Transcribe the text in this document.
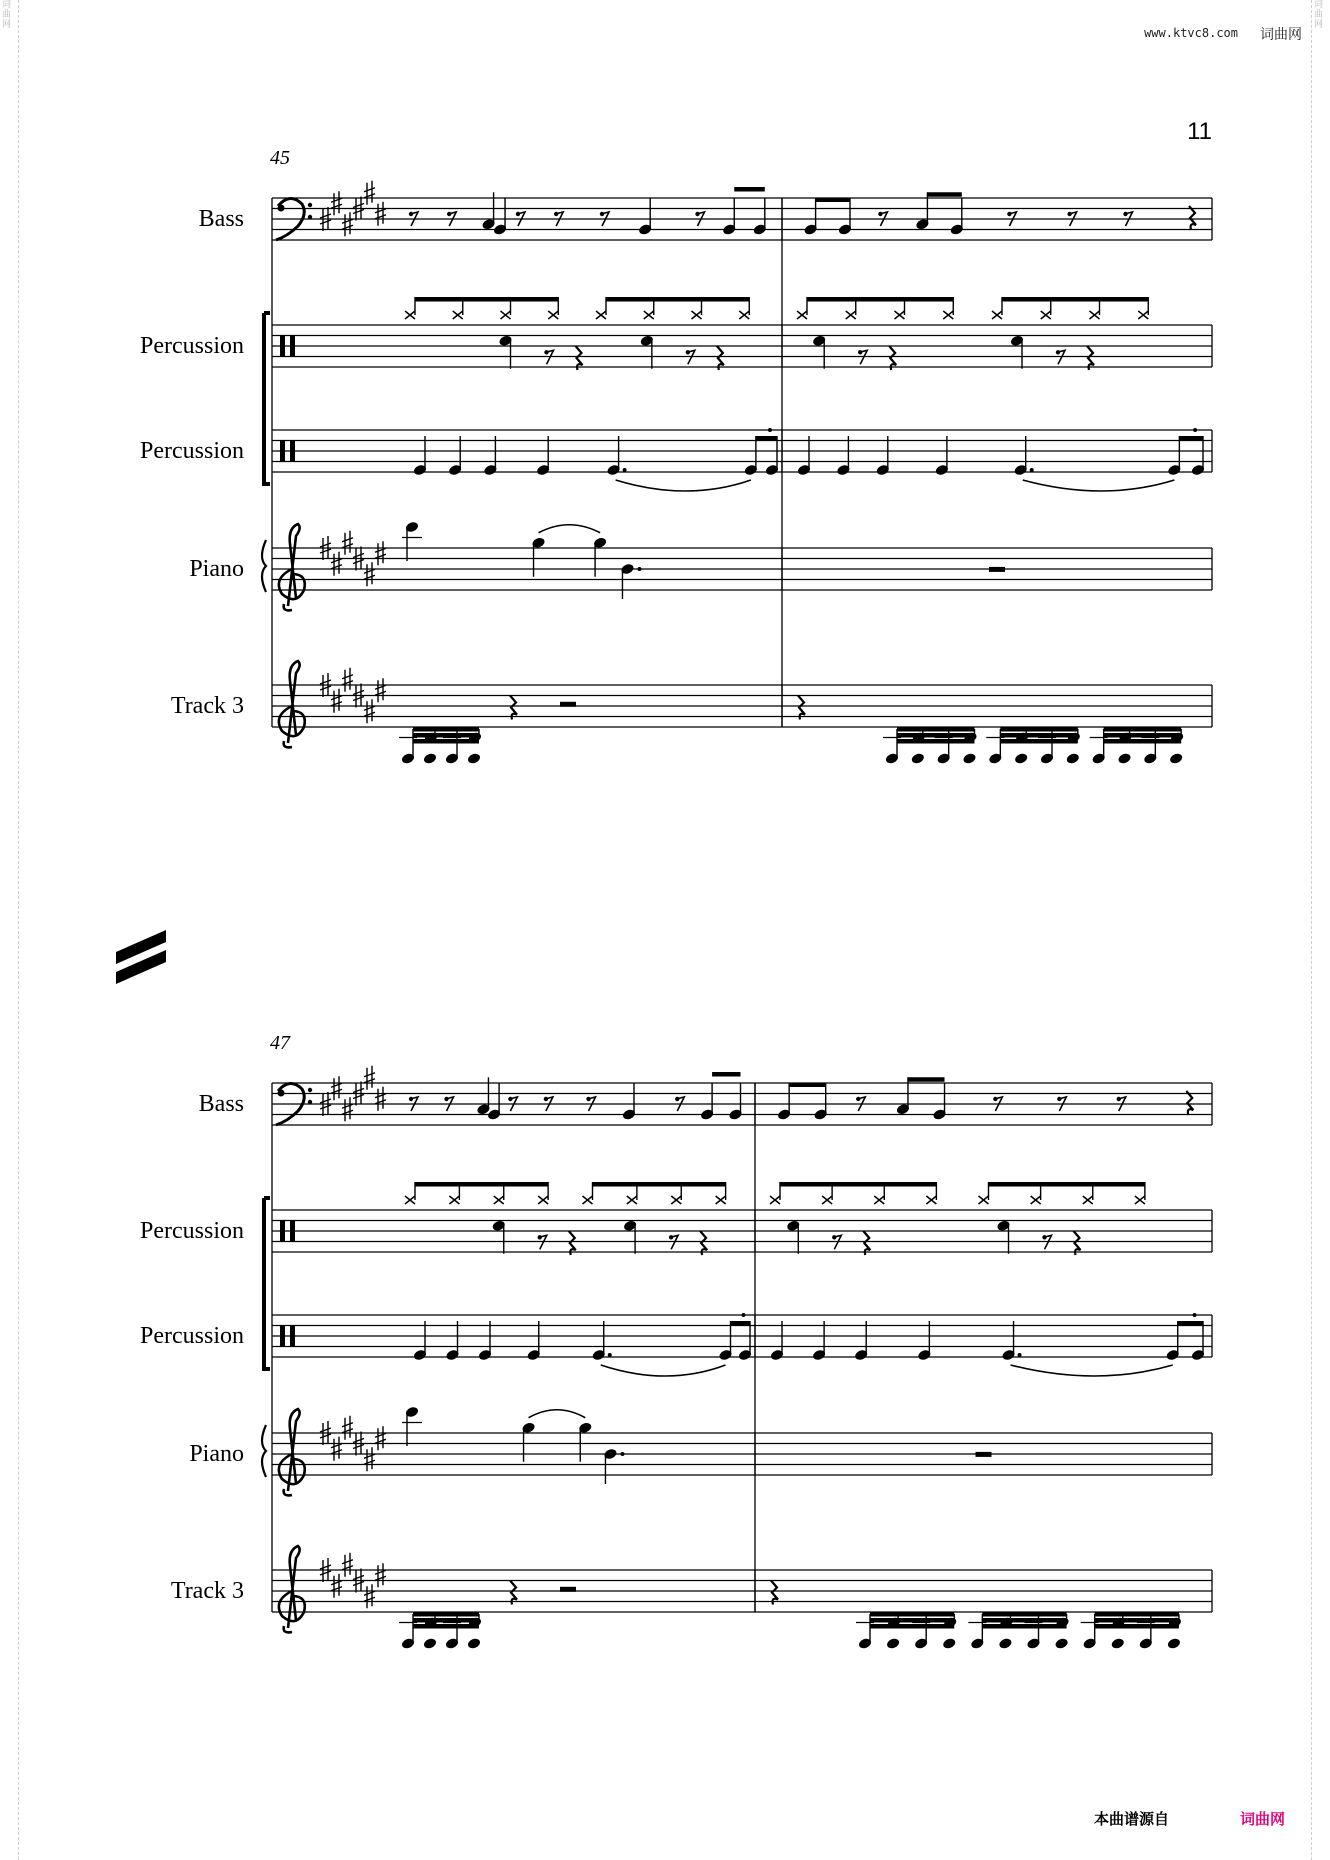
词曲网
词曲网
www.ktvc8.com 词曲网
11
45
Bass
Percussion
Percussion
Piano
Track 3
47
Bass
Percussion
Percussion
Piano
Track 3
本曲谱源自	词曲网
